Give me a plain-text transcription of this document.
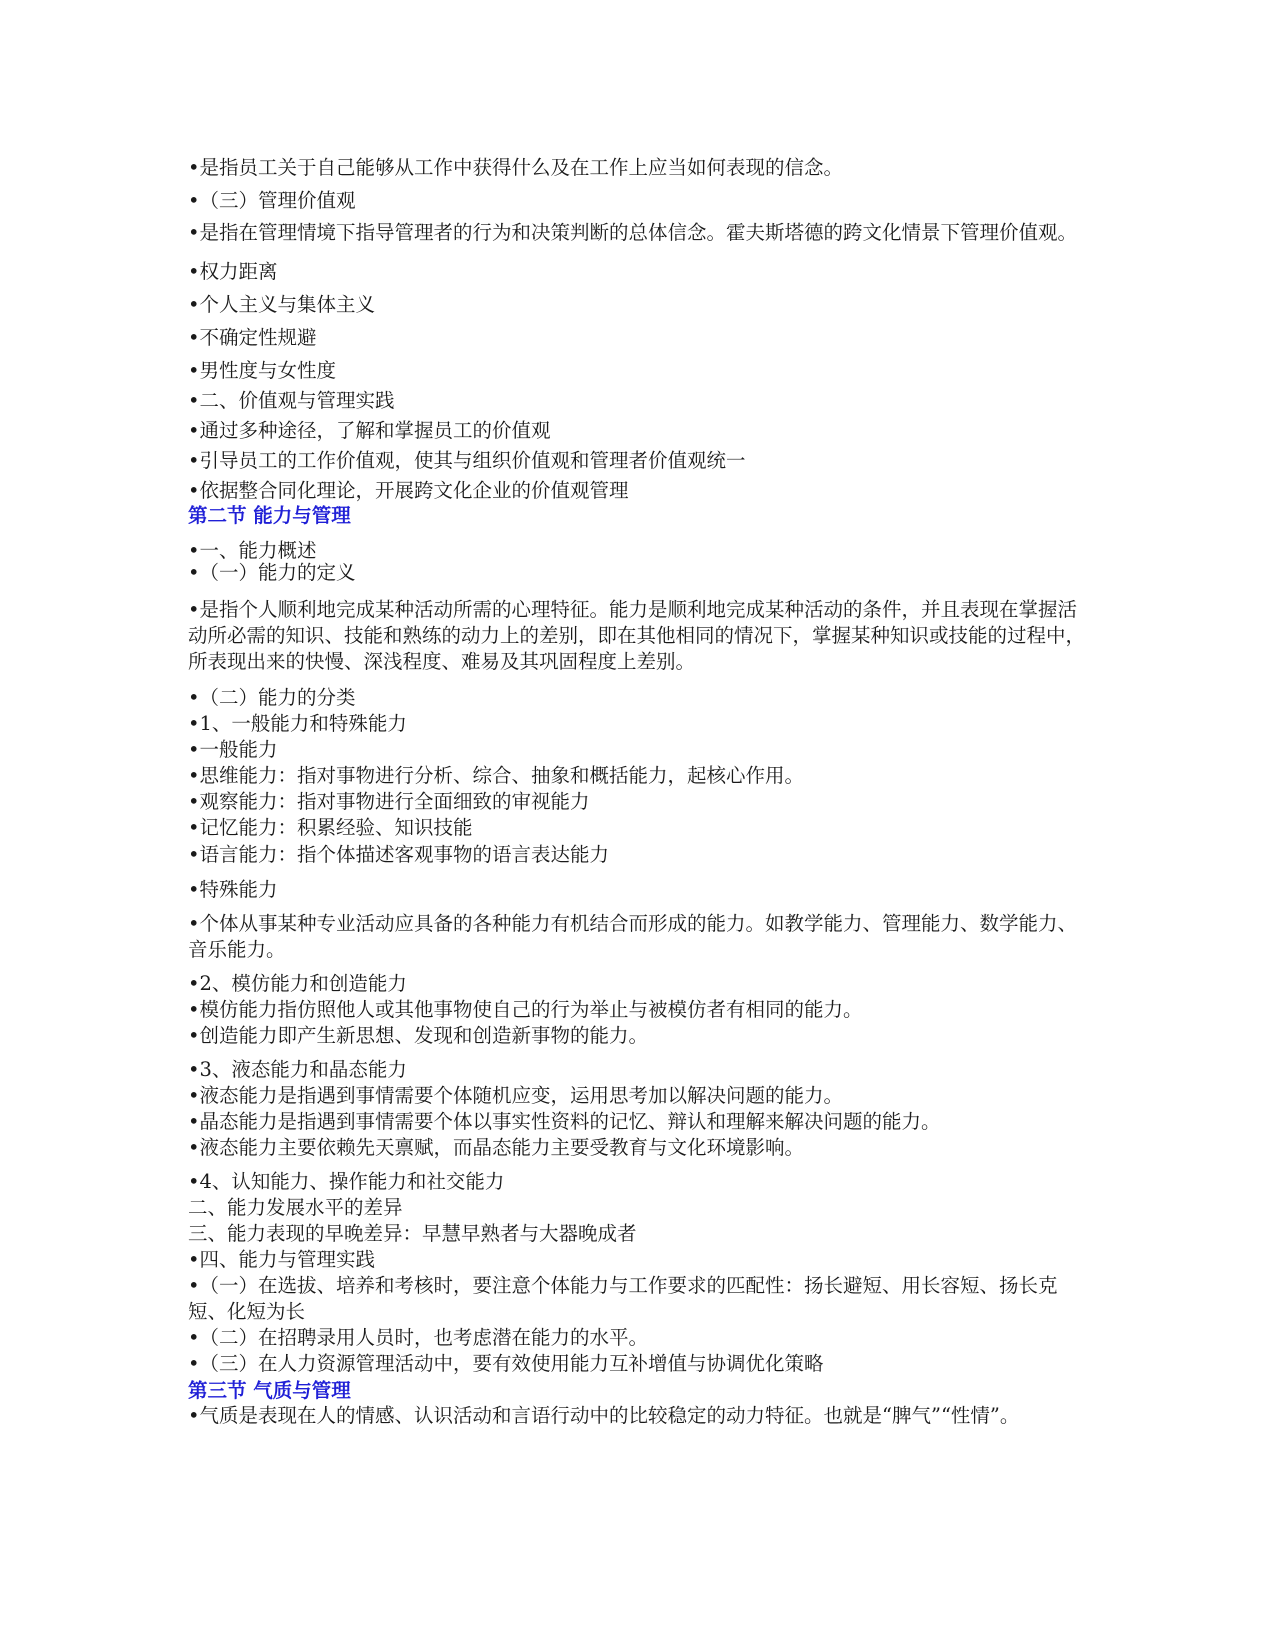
•是指员工关于自己能够从工作中获得什么及在工作上应当如何表现的信念。

•（三）管理价值观

•是指在管理情境下指导管理者的行为和决策判断的总体信念。霍夫斯塔德的跨文化情景下管理价值观。

•权力距离

•个人主义与集体主义

•不确定性规避

•男性度与女性度

•二、价值观与管理实践

•通过多种途径，了解和掌握员工的价值观

•引导员工的工作价值观，使其与组织价值观和管理者价值观统一

•依据整合同化理论，开展跨文化企业的价值观管理

第二节 能力与管理

•一、能力概述

•（一）能力的定义

•是指个人顺利地完成某种活动所需的心理特征。能力是顺利地完成某种活动的条件，并且表现在掌握活动所必需的知识、技能和熟练的动力上的差别，即在其他相同的情况下，掌握某种知识或技能的过程中，所表现出来的快慢、深浅程度、难易及其巩固程度上差别。

•（二）能力的分类

•1、一般能力和特殊能力

•一般能力

•思维能力：指对事物进行分析、综合、抽象和概括能力，起核心作用。

•观察能力：指对事物进行全面细致的审视能力

•记忆能力：积累经验、知识技能

•语言能力：指个体描述客观事物的语言表达能力

•特殊能力

•个体从事某种专业活动应具备的各种能力有机结合而形成的能力。如教学能力、管理能力、数学能力、音乐能力。

•2、模仿能力和创造能力

•模仿能力指仿照他人或其他事物使自己的行为举止与被模仿者有相同的能力。

•创造能力即产生新思想、发现和创造新事物的能力。

•3、液态能力和晶态能力

•液态能力是指遇到事情需要个体随机应变，运用思考加以解决问题的能力。

•晶态能力是指遇到事情需要个体以事实性资料的记忆、辩认和理解来解决问题的能力。

•液态能力主要依赖先天禀赋，而晶态能力主要受教育与文化环境影响。

•4、认知能力、操作能力和社交能力

二、能力发展水平的差异

三、能力表现的早晚差异：早慧早熟者与大器晚成者

•四、能力与管理实践

•（一）在选拔、培养和考核时，要注意个体能力与工作要求的匹配性：扬长避短、用长容短、扬长克短、化短为长

•（二）在招聘录用人员时，也考虑潜在能力的水平。

•（三）在人力资源管理活动中，要有效使用能力互补增值与协调优化策略

第三节 气质与管理

•气质是表现在人的情感、认识活动和言语行动中的比较稳定的动力特征。也就是“脾气”“性情”。
